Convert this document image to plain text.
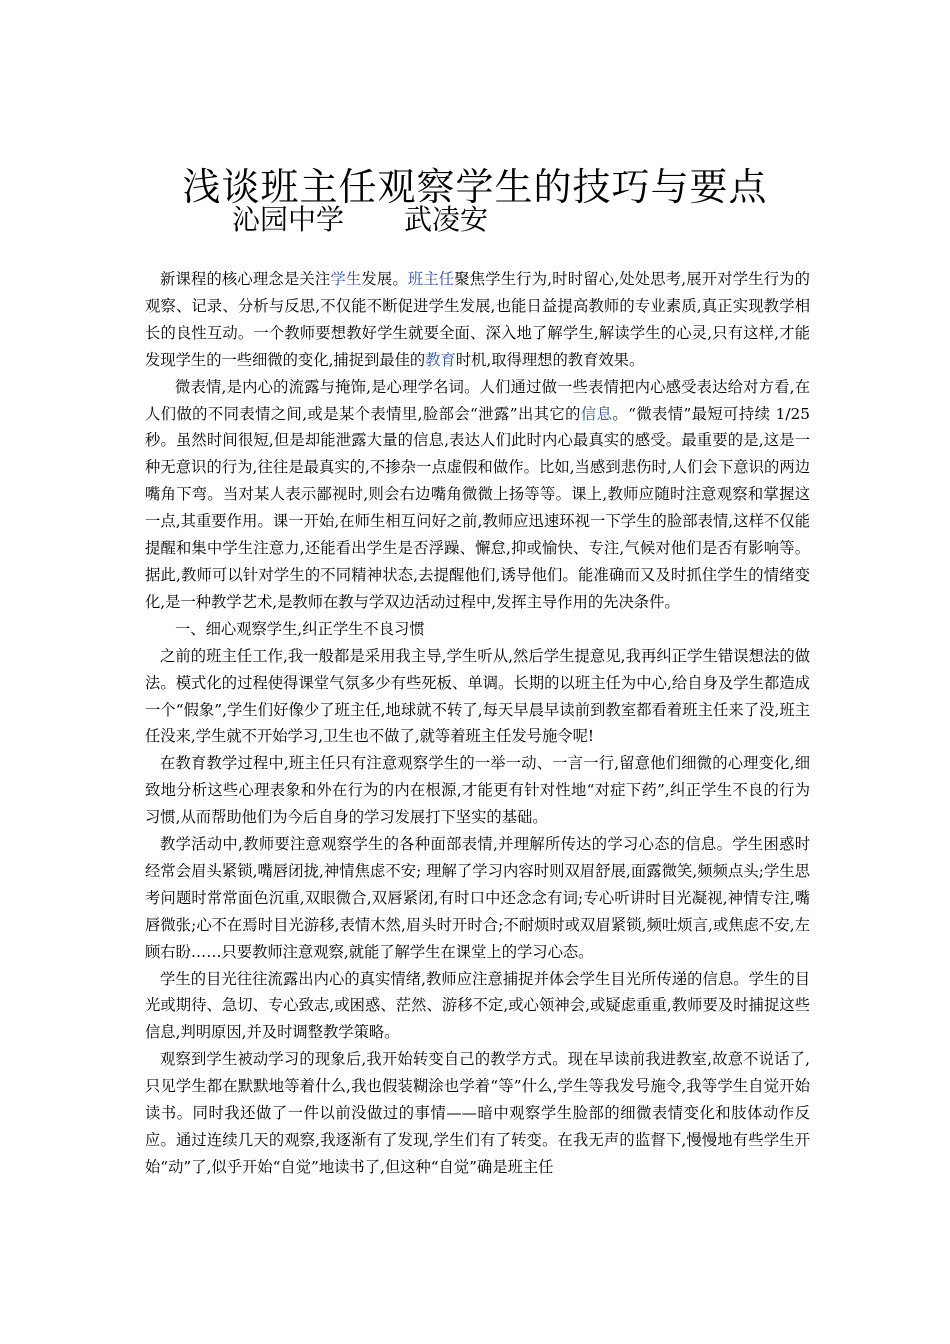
浅谈班主任观察学生的技巧与要点
沁园中学 武凌安

新课程的核心理念是关注学生发展。班主任聚焦学生行为,时时留心,处处思考,展开对学生行为的观察、记录、分析与反思,不仅能不断促进学生发展,也能日益提高教师的专业素质,真正实现教学相长的良性互动。一个教师要想教好学生就要全面、深入地了解学生,解读学生的心灵,只有这样,才能发现学生的一些细微的变化,捕捉到最佳的教育时机,取得理想的教育效果。

微表情,是内心的流露与掩饰,是心理学名词。人们通过做一些表情把内心感受表达给对方看,在人们做的不同表情之间,或是某个表情里,脸部会“泄露”出其它的信息。“微表情”最短可持续 1/25 秒。虽然时间很短,但是却能泄露大量的信息,表达人们此时内心最真实的感受。最重要的是,这是一种无意识的行为,往往是最真实的,不掺杂一点虚假和做作。比如,当感到悲伤时,人们会下意识的两边嘴角下弯。当对某人表示鄙视时,则会右边嘴角微微上扬等等。课上,教师应随时注意观察和掌握这一点,其重要作用。课一开始,在师生相互问好之前,教师应迅速环视一下学生的脸部表情,这样不仅能提醒和集中学生注意力,还能看出学生是否浮躁、懈怠,抑或愉快、专注,气候对他们是否有影响等。据此,教师可以针对学生的不同精神状态,去提醒他们,诱导他们。能准确而又及时抓住学生的情绪变化,是一种教学艺术,是教师在教与学双边活动过程中,发挥主导作用的先决条件。

一、细心观察学生,纠正学生不良习惯

之前的班主任工作,我一般都是采用我主导,学生听从,然后学生提意见,我再纠正学生错误想法的做法。模式化的过程使得课堂气氛多少有些死板、单调。长期的以班主任为中心,给自身及学生都造成一个“假象”,学生们好像少了班主任,地球就不转了,每天早晨早读前到教室都看着班主任来了没,班主任没来,学生就不开始学习,卫生也不做了,就等着班主任发号施令呢!

在教育教学过程中,班主任只有注意观察学生的一举一动、一言一行,留意他们细微的心理变化,细致地分析这些心理表象和外在行为的内在根源,才能更有针对性地“对症下药”,纠正学生不良的行为习惯,从而帮助他们为今后自身的学习发展打下坚实的基础。

教学活动中,教师要注意观察学生的各种面部表情,并理解所传达的学习心态的信息。学生困惑时经常会眉头紧锁,嘴唇闭拢,神情焦虑不安; 理解了学习内容时则双眉舒展,面露微笑,频频点头;学生思考问题时常常面色沉重,双眼微合,双唇紧闭,有时口中还念念有词;专心听讲时目光凝视,神情专注,嘴唇微张;心不在焉时目光游移,表情木然,眉头时开时合;不耐烦时或双眉紧锁,频吐烦言,或焦虑不安,左顾右盼……只要教师注意观察,就能了解学生在课堂上的学习心态。

学生的目光往往流露出内心的真实情绪,教师应注意捕捉并体会学生目光所传递的信息。学生的目光或期待、急切、专心致志,或困惑、茫然、游移不定,或心领神会,或疑虑重重,教师要及时捕捉这些信息,判明原因,并及时调整教学策略。

观察到学生被动学习的现象后,我开始转变自己的教学方式。现在早读前我进教室,故意不说话了,只见学生都在默默地等着什么,我也假装糊涂也学着“等”什么,学生等我发号施令,我等学生自觉开始读书。同时我还做了一件以前没做过的事情——暗中观察学生脸部的细微表情变化和肢体动作反应。通过连续几天的观察,我逐渐有了发现,学生们有了转变。在我无声的监督下,慢慢地有些学生开始“动”了,似乎开始“自觉”地读书了,但这种“自觉”确是班主任
